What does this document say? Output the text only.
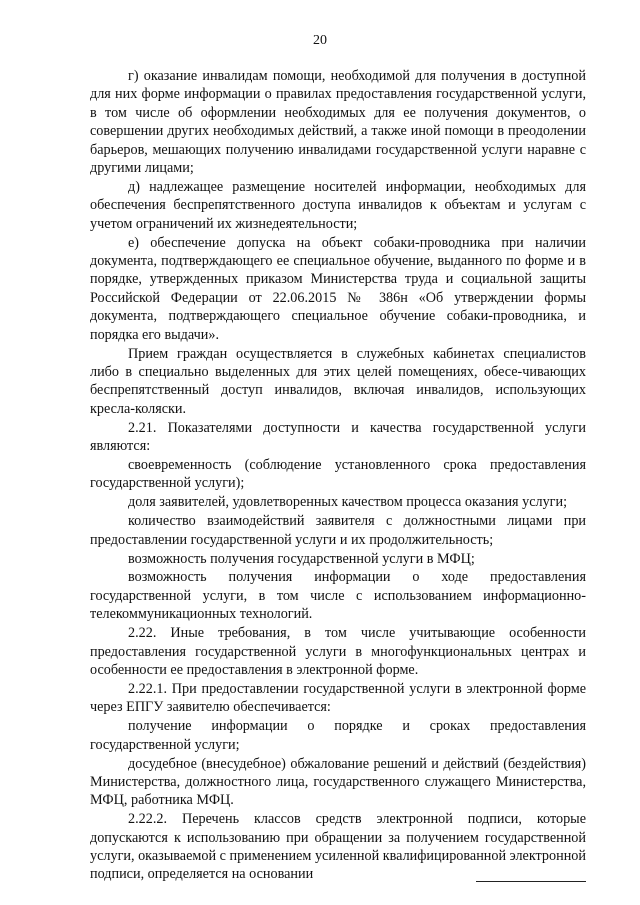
20

г) оказание инвалидам помощи, необходимой для получения в доступной для них форме информации о правилах предоставления государственной услуги, в том числе об оформлении необходимых для ее получения документов, о совершении других необходимых действий, а также иной помощи в преодолении барьеров, мешающих получению инвалидами государственной услуги наравне с другими лицами;

д) надлежащее размещение носителей информации, необходимых для обеспечения беспрепятственного доступа инвалидов к объектам и услугам с учетом ограничений их жизнедеятельности;

е) обеспечение допуска на объект собаки-проводника при наличии документа, подтверждающего ее специальное обучение, выданного по форме и в порядке, утвержденных приказом Министерства труда и социальной защиты Российской Федерации от 22.06.2015 № 386н «Об утверждении формы документа, подтверждающего специальное обучение собаки-проводника, и порядка его выдачи».

Прием граждан осуществляется в служебных кабинетах специалистов либо в специально выделенных для этих целей помещениях, обесе-чивающих беспрепятственный доступ инвалидов, включая инвалидов, использующих кресла-коляски.

2.21. Показателями доступности и качества государственной услуги являются:

своевременность (соблюдение установленного срока предоставления государственной услуги);

доля заявителей, удовлетворенных качеством процесса оказания услуги;

количество взаимодействий заявителя с должностными лицами при предоставлении государственной услуги и их продолжительность;

возможность получения государственной услуги в МФЦ;

возможность получения информации о ходе предоставления государственной услуги, в том числе с использованием информационно-телекоммуникационных технологий.

2.22. Иные требования, в том числе учитывающие особенности предоставления государственной услуги в многофункциональных центрах и особенности ее предоставления в электронной форме.

2.22.1. При предоставлении государственной услуги в электронной форме через ЕПГУ заявителю обеспечивается:

получение информации о порядке и сроках предоставления государственной услуги;

досудебное (внесудебное) обжалование решений и действий (бездействия) Министерства, должностного лица, государственного служащего Министерства, МФЦ, работника МФЦ.

2.22.2. Перечень классов средств электронной подписи, которые допускаются к использованию при обращении за получением государственной услуги, оказываемой с применением усиленной квалифицированной электронной подписи, определяется на основании
